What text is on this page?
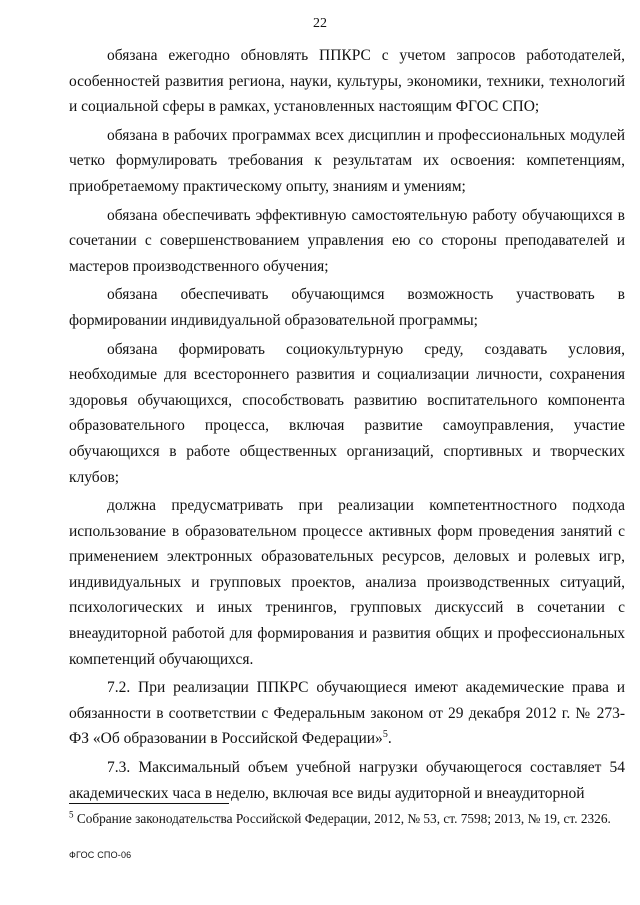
22

обязана ежегодно обновлять ППКРС с учетом запросов работодателей, особенностей развития региона, науки, культуры, экономики, техники, технологий и социальной сферы в рамках, установленных настоящим ФГОС СПО;

обязана в рабочих программах всех дисциплин и профессиональных модулей четко формулировать требования к результатам их освоения: компетенциям, приобретаемому практическому опыту, знаниям и умениям;

обязана обеспечивать эффективную самостоятельную работу обучающихся в сочетании с совершенствованием управления ею со стороны преподавателей и мастеров производственного обучения;

обязана обеспечивать обучающимся возможность участвовать в формировании индивидуальной образовательной программы;

обязана формировать социокультурную среду, создавать условия, необходимые для всестороннего развития и социализации личности, сохранения здоровья обучающихся, способствовать развитию воспитательного компонента образовательного процесса, включая развитие самоуправления, участие обучающихся в работе общественных организаций, спортивных и творческих клубов;

должна предусматривать при реализации компетентностного подхода использование в образовательном процессе активных форм проведения занятий с применением электронных образовательных ресурсов, деловых и ролевых игр, индивидуальных и групповых проектов, анализа производственных ситуаций, психологических и иных тренингов, групповых дискуссий в сочетании с внеаудиторной работой для формирования и развития общих и профессиональных компетенций обучающихся.

7.2. При реализации ППКРС обучающиеся имеют академические права и обязанности в соответствии с Федеральным законом от 29 декабря 2012 г. № 273-ФЗ «Об образовании в Российской Федерации»$^5$.

7.3. Максимальный объем учебной нагрузки обучающегося составляет 54 академических часа в неделю, включая все виды аудиторной и внеаудиторной

$^5$ Собрание законодательства Российской Федерации, 2012, № 53, ст. 7598; 2013, № 19, ст. 2326.
ФГОС СПО-06
